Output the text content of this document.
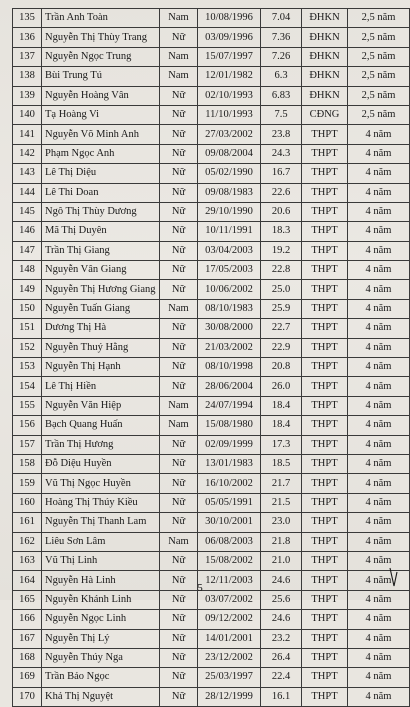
135	Trần Anh Toàn	Nam	10/08/1996	7.04	ĐHKN	2,5 năm
136	Nguyễn Thị Thùy Trang	Nữ	03/09/1996	7.36	ĐHKN	2,5 năm
137	Nguyễn Ngọc Trung	Nam	15/07/1997	7.26	ĐHKN	2,5 năm
138	Bùi Trung Tú	Nam	12/01/1982	6.3	ĐHKN	2,5 năm
139	Nguyễn Hoàng Vân	Nữ	02/10/1993	6.83	ĐHKN	2,5 năm
140	Tạ Hoàng Vi	Nữ	11/10/1993	7.5	CĐNG	2,5 năm
141	Nguyễn Võ Minh Anh	Nữ	27/03/2002	23.8	THPT	4 năm
142	Phạm Ngọc Anh	Nữ	09/08/2004	24.3	THPT	4 năm
143	Lê Thị Diệu	Nữ	05/02/1990	16.7	THPT	4 năm
144	Lê Thi Doan	Nữ	09/08/1983	22.6	THPT	4 năm
145	Ngô Thị Thùy Dương	Nữ	29/10/1990	20.6	THPT	4 năm
146	Mã Thị Duyên	Nữ	10/11/1991	18.3	THPT	4 năm
147	Trần Thị Giang	Nữ	03/04/2003	19.2	THPT	4 năm
148	Nguyễn Vân Giang	Nữ	17/05/2003	22.8	THPT	4 năm
149	Nguyễn Thị Hương Giang	Nữ	10/06/2002	25.0	THPT	4 năm
150	Nguyễn Tuấn Giang	Nam	08/10/1983	25.9	THPT	4 năm
151	Dương Thị Hà	Nữ	30/08/2000	22.7	THPT	4 năm
152	Nguyễn Thuý Hằng	Nữ	21/03/2002	22.9	THPT	4 năm
153	Nguyễn Thị Hạnh	Nữ	08/10/1998	20.8	THPT	4 năm
154	Lê Thị Hiền	Nữ	28/06/2004	26.0	THPT	4 năm
155	Nguyễn Văn Hiệp	Nam	24/07/1994	18.4	THPT	4 năm
156	Bạch Quang Huấn	Nam	15/08/1980	18.4	THPT	4 năm
157	Trần Thị Hương	Nữ	02/09/1999	17.3	THPT	4 năm
158	Đỗ Diệu Huyền	Nữ	13/01/1983	18.5	THPT	4 năm
159	Vũ Thị Ngọc Huyền	Nữ	16/10/2002	21.7	THPT	4 năm
160	Hoàng Thị Thúy Kiều	Nữ	05/05/1991	21.5	THPT	4 năm
161	Nguyễn Thị Thanh Lam	Nữ	30/10/2001	23.0	THPT	4 năm
162	Liêu Sơn Lâm	Nam	06/08/2003	21.8	THPT	4 năm
163	Vũ Thị Linh	Nữ	15/08/2002	21.0	THPT	4 năm
164	Nguyễn Hà Linh	Nữ	12/11/2003	24.6	THPT	4 năm
165	Nguyễn Khánh Linh	Nữ	03/07/2002	25.6	THPT	4 năm
166	Nguyễn Ngọc Linh	Nữ	09/12/2002	24.6	THPT	4 năm
167	Nguyễn Thị Lý	Nữ	14/01/2001	23.2	THPT	4 năm
168	Nguyễn Thúy Nga	Nữ	23/12/2002	26.4	THPT	4 năm
169	Trần Bảo Ngọc	Nữ	25/03/1997	22.4	THPT	4 năm
170	Khả Thị Nguyệt	Nữ	28/12/1999	16.1	THPT	4 năm
5
